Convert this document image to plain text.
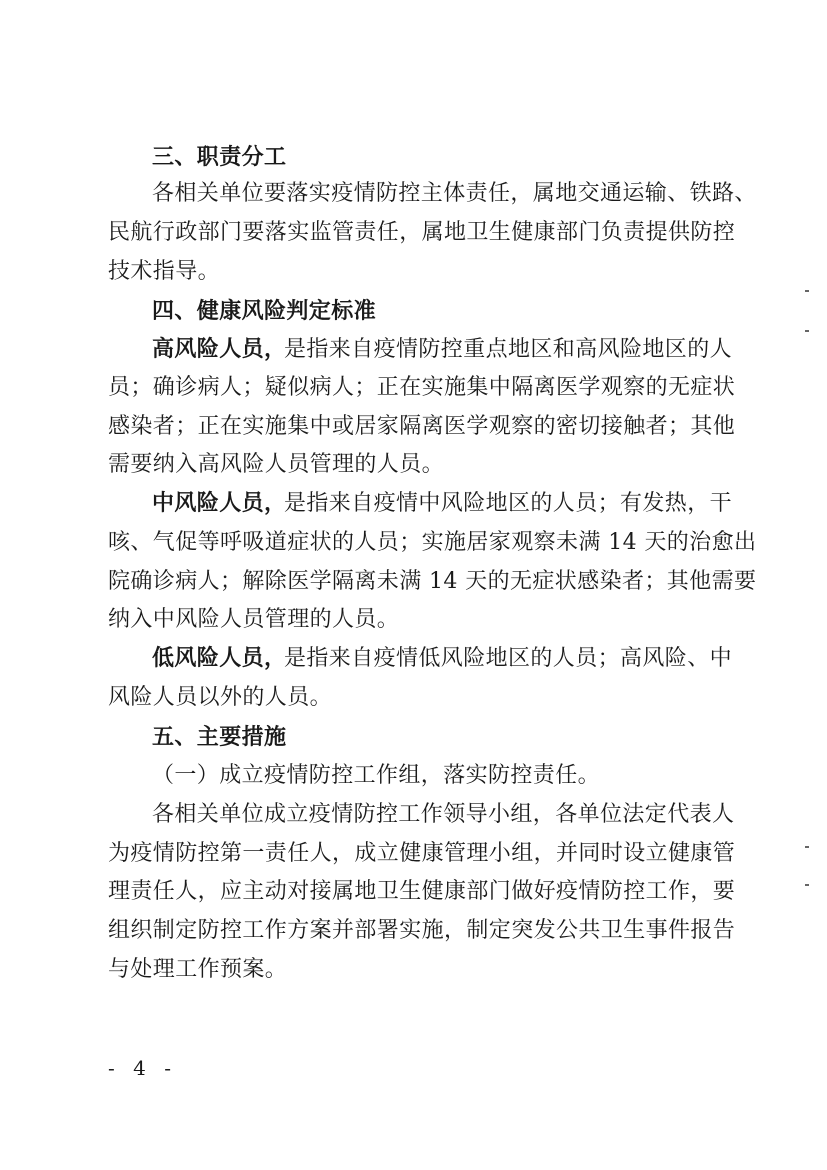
三、职责分工
各相关单位要落实疫情防控主体责任，属地交通运输、铁路、
民航行政部门要落实监管责任，属地卫生健康部门负责提供防控
技术指导。
四、健康风险判定标准
高风险人员，
是指来自疫情防控重点地区和高风险地区的人
员；确诊病人；疑似病人；正在实施集中隔离医学观察的无症状
感染者；正在实施集中或居家隔离医学观察的密切接触者；其他
需要纳入高风险人员管理的人员。
中风险人员，
是指来自疫情中风险地区的人员；有发热，干
咳、气促等呼吸道症状的人员；实施居家观察未满 14 天的治愈出
院确诊病人；解除医学隔离未满 14 天的无症状感染者；其他需要
纳入中风险人员管理的人员。
低风险人员，
是指来自疫情低风险地区的人员；高风险、中
风险人员以外的人员。
五、主要措施
（一）成立疫情防控工作组，落实防控责任。
各相关单位成立疫情防控工作领导小组，各单位法定代表人
为疫情防控第一责任人，成立健康管理小组，并同时设立健康管
理责任人，应主动对接属地卫生健康部门做好疫情防控工作，要
组织制定防控工作方案并部署实施，制定突发公共卫生事件报告
与处理工作预案。
- 4 -
